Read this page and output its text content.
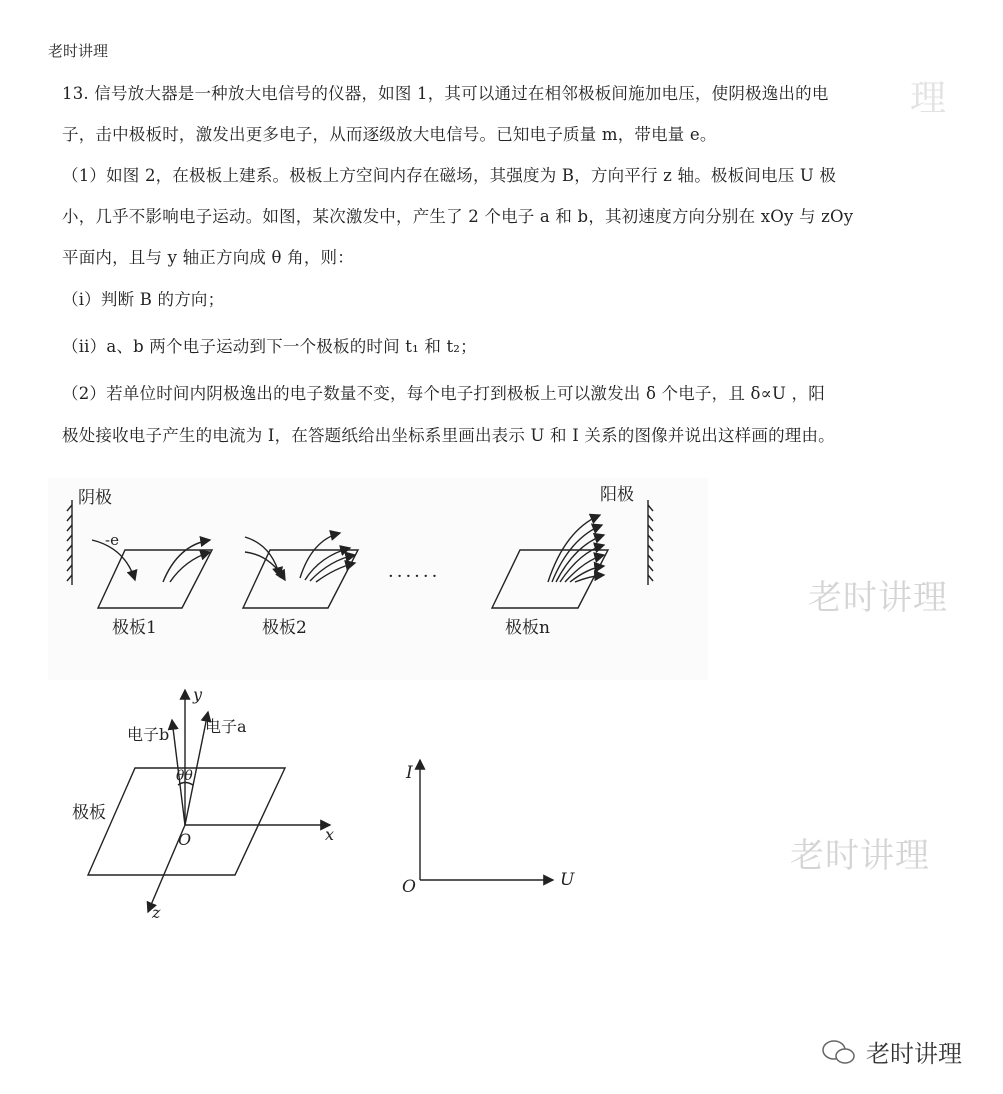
老时讲理
13. 信号放大器是一种放大电信号的仪器，如图 1，其可以通过在相邻极板间施加电压，使阴极逸出的电
子，击中极板时，激发出更多电子，从而逐级放大电信号。已知电子质量 m，带电量 e。
（1）如图 2，在极板上建系。极板上方空间内存在磁场，其强度为 B，方向平行 z 轴。极板间电压 U 极
小，几乎不影响电子运动。如图，某次激发中，产生了 2 个电子 a 和 b，其初速度方向分别在 xOy 与 zOy
平面内，且与 y 轴正方向成 θ 角，则：
（i）判断 B 的方向；
（ii）a、b 两个电子运动到下一个极板的时间 t₁ 和 t₂；
（2）若单位时间内阴极逸出的电子数量不变，每个电子打到极板上可以激发出 δ 个电子，且 δ∝U ，阳
极处接收电子产生的电流为 I，在答题纸给出坐标系里画出表示 U 和 I 关系的图像并说出这样画的理由。
理
老时讲理
老时讲理
阴极	阳极
-e
极板1	极板2	极板n
······
y
x
z
O
θθ
电子b 电子a
极板
I
U
O
老时讲理
